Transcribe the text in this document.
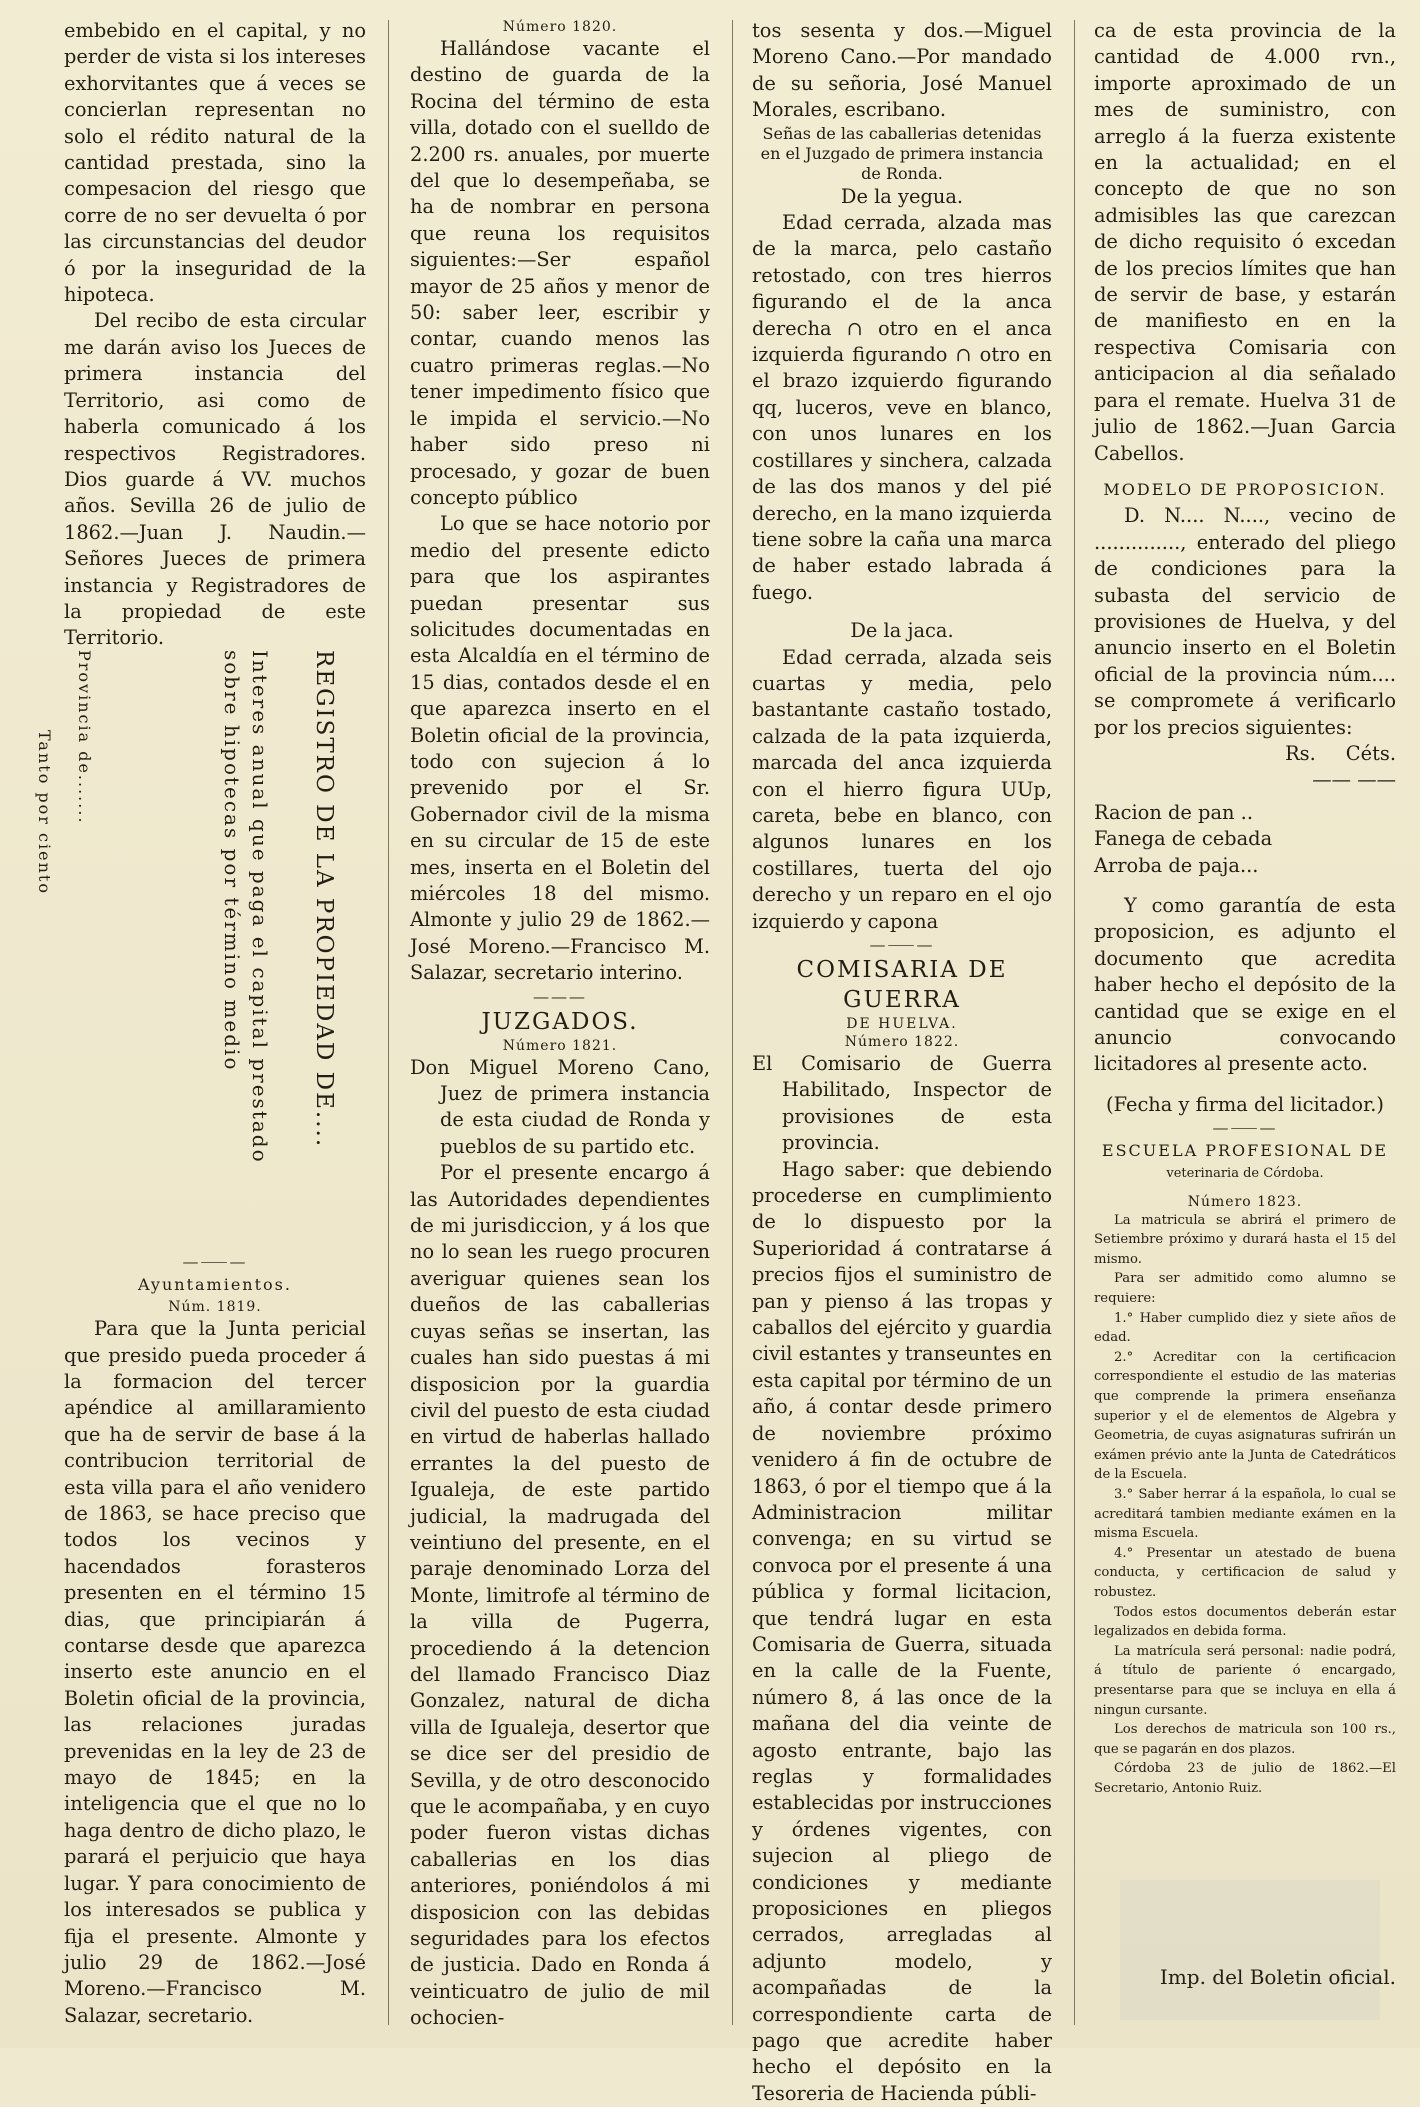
embebido en el capital, y no perder de vista si los intereses exhorvitantes que á veces se concierlan representan no solo el rédito natural de la cantidad prestada, sino la compesacion del riesgo que corre de no ser devuelta ó por las circunstancias del deudor ó por la inseguridad de la hipoteca.

Del recibo de esta circular me darán aviso los Jueces de primera instancia del Territorio, asi como de haberla comunicado á los respectivos Registradores. Dios guarde á VV. muchos años. Sevilla 26 de julio de 1862.—Juan J. Naudin.—Señores Jueces de primera instancia y Registradores de la propiedad de este Territorio.

—⸺—

Ayuntamientos.

Núm. 1819.

Para que la Junta pericial que presido pueda proceder á la formacion del tercer apéndice al amillaramiento que ha de servir de base á la contribucion territorial de esta villa para el año venidero de 1863, se hace preciso que todos los vecinos y hacendados forasteros presenten en el término 15 dias, que principiarán á contarse desde que aparezca inserto este anuncio en el Boletin oficial de la provincia, las relaciones juradas prevenidas en la ley de 23 de mayo de 1845; en la inteligencia que el que no lo haga dentro de dicho plazo, le parará el perjuicio que haya lugar. Y para conocimiento de los interesados se publica y fija el presente. Almonte y julio 29 de 1862.—José Moreno.—Francisco M. Salazar, secretario.

Provincia de.......
Tanto por ciento	Interes anual que paga el capital prestado sobre hipotecas por término medio	REGISTRO DE LA PROPIEDAD DE....

Número 1820.

Hallándose vacante el destino de guarda de la Rocina del término de esta villa, dotado con el suelldo de 2.200 rs. anuales, por muerte del que lo desempeñaba, se ha de nombrar en persona que reuna los requisitos siguientes:—Ser español mayor de 25 años y menor de 50: saber leer, escribir y contar, cuando menos las cuatro primeras reglas.—No tener impedimento físico que le impida el servicio.—No haber sido preso ni procesado, y gozar de buen concepto público

Lo que se hace notorio por medio del presente edicto para que los aspirantes puedan presentar sus solicitudes documentadas en esta Alcaldía en el término de 15 dias, contados desde el en que aparezca inserto en el Boletin oficial de la provincia, todo con sujecion á lo prevenido por el Sr. Gobernador civil de la misma en su circular de 15 de este mes, inserta en el Boletin del miércoles 18 del mismo. Almonte y julio 29 de 1862.—José Moreno.—Francisco M. Salazar, secretario interino.

———

JUZGADOS.

Número 1821.

Don Miguel Moreno Cano, Juez de primera instancia de esta ciudad de Ronda y pueblos de su partido etc.

Por el presente encargo á las Autoridades dependientes de mi jurisdiccion, y á los que no lo sean les ruego procuren averiguar quienes sean los dueños de las caballerias cuyas señas se insertan, las cuales han sido puestas á mi disposicion por la guardia civil del puesto de esta ciudad en virtud de haberlas hallado errantes la del puesto de Igualeja, de este partido judicial, la madrugada del veintiuno del presente, en el paraje denominado Lorza del Monte, limitrofe al término de la villa de Pugerra, procediendo á la detencion del llamado Francisco Diaz Gonzalez, natural de dicha villa de Igualeja, desertor que se dice ser del presidio de Sevilla, y de otro desconocido que le acompañaba, y en cuyo poder fueron vistas dichas caballerias en los dias anteriores, poniéndolos á mi disposicion con las debidas seguridades para los efectos de justicia. Dado en Ronda á veinticuatro de julio de mil ochocien-

tos sesenta y dos.—Miguel Moreno Cano.—Por mandado de su señoria, José Manuel Morales, escribano.

Señas de las caballerias detenidas en el Juzgado de primera instancia de Ronda.

De la yegua.

Edad cerrada, alzada mas de la marca, pelo castaño retostado, con tres hierros figurando el de la anca derecha ∩ otro en el anca izquierda figurando ∩ otro en el brazo izquierdo figurando qq, luceros, veve en blanco, con unos lunares en los costillares y sinchera, calzada de las dos manos y del pié derecho, en la mano izquierda tiene sobre la caña una marca de haber estado labrada á fuego.

De la jaca.

Edad cerrada, alzada seis cuartas y media, pelo bastantante castaño tostado, calzada de la pata izquierda, marcada del anca izquierda con el hierro figura UUp, careta, bebe en blanco, con algunos lunares en los costillares, tuerta del ojo derecho y un reparo en el ojo izquierdo y capona

—⸺—

COMISARIA DE GUERRA

DE HUELVA.

Número 1822.

El Comisario de Guerra Habilitado, Inspector de provisiones de esta provincia.

Hago saber: que debiendo procederse en cumplimiento de lo dispuesto por la Superioridad á contratarse á precios fijos el suministro de pan y pienso á las tropas y caballos del ejército y guardia civil estantes y transeuntes en esta capital por término de un año, á contar desde primero de noviembre próximo venidero á fin de octubre de 1863, ó por el tiempo que á la Administracion militar convenga; en su virtud se convoca por el presente á una pública y formal licitacion, que tendrá lugar en esta Comisaria de Guerra, situada en la calle de la Fuente, número 8, á las once de la mañana del dia veinte de agosto entrante, bajo las reglas y formalidades establecidas por instrucciones y órdenes vigentes, con sujecion al pliego de condiciones y mediante proposiciones en pliegos cerrados, arregladas al adjunto modelo, y acompañadas de la correspondiente carta de pago que acredite haber hecho el depósito en la Tesoreria de Hacienda públi-

ca de esta provincia de la cantidad de 4.000 rvn., importe aproximado de un mes de suministro, con arreglo á la fuerza existente en la actualidad; en el concepto de que no son admisibles las que carezcan de dicho requisito ó excedan de los precios límites que han de servir de base, y estarán de manifiesto en en la respectiva Comisaria con anticipacion al dia señalado para el remate. Huelva 31 de julio de 1862.—Juan Garcia Cabellos.

MODELO DE PROPOSICION.

D. N.... N...., vecino de .............., enterado del pliego de condiciones para la subasta del servicio de provisiones de Huelva, y del anuncio inserto en el Boletin oficial de la provincia núm.... se compromete á verificarlo por los precios siguientes:

Rs. Céts.

—— ——

Racion de pan ..

Fanega de cebada

Arroba de paja...

Y como garantía de esta proposicion, es adjunto el documento que acredita haber hecho el depósito de la cantidad que se exige en el anuncio convocando licitadores al presente acto.

(Fecha y firma del licitador.)

—⸺—

ESCUELA PROFESIONAL DE

veterinaria de Córdoba.

Número 1823.

La matricula se abrirá el primero de Setiembre próximo y durará hasta el 15 del mismo.

Para ser admitido como alumno se requiere:

1.° Haber cumplido diez y siete años de edad.

2.° Acreditar con la certificacion correspondiente el estudio de las materias que comprende la primera enseñanza superior y el de elementos de Algebra y Geometria, de cuyas asignaturas sufrirán un exámen prévio ante la Junta de Catedráticos de la Escuela.

3.° Saber herrar á la española, lo cual se acreditará tambien mediante exámen en la misma Escuela.

4.° Presentar un atestado de buena conducta, y certificacion de salud y robustez.

Todos estos documentos deberán estar legalizados en debida forma.

La matrícula será personal: nadie podrá, á título de pariente ó encargado, presentarse para que se incluya en ella á ningun cursante.

Los derechos de matricula son 100 rs., que se pagarán en dos plazos.

Córdoba 23 de julio de 1862.—El Secretario, Antonio Ruiz.

Imp. del Boletin oficial.
